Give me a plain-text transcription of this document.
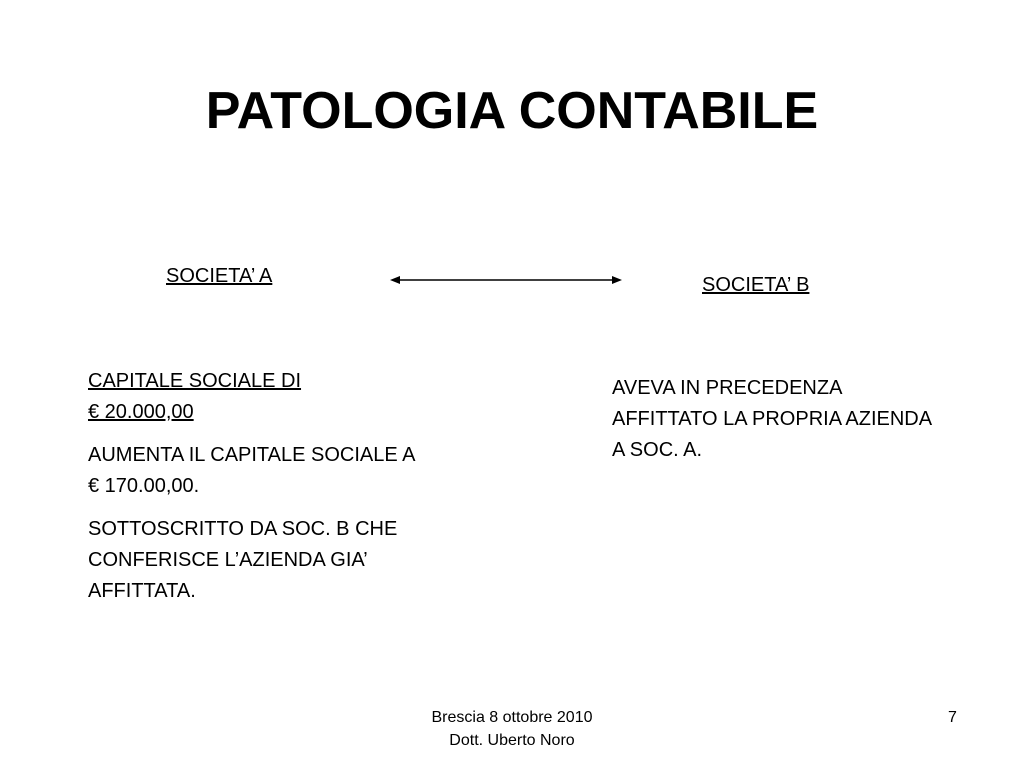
PATOLOGIA CONTABILE
SOCIETA’ A	SOCIETA’ B
CAPITALE SOCIALE DI
€ 20.000,00
AUMENTA IL CAPITALE SOCIALE A € 170.00,00.
SOTTOSCRITTO DA SOC. B CHE CONFERISCE L’AZIENDA GIA’ AFFITTATA.
AVEVA IN PRECEDENZA AFFITTATO LA PROPRIA AZIENDA A SOC. A.
Brescia 8 ottobre 2010
Dott. Uberto Noro
7
